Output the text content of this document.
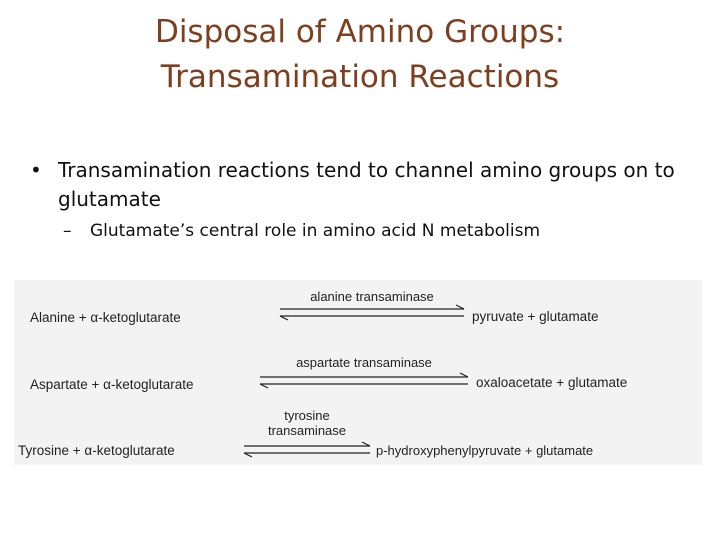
Disposal of Amino Groups:
Transamination Reactions
• Transamination reactions tend to channel amino groups on to glutamate
– Glutamate’s central role in amino acid N metabolism
Alanine + α-ketoglutarate
alanine transaminase
pyruvate + glutamate
Aspartate + α-ketoglutarate
aspartate transaminase
oxaloacetate + glutamate
Tyrosine + α-ketoglutarate
tyrosine
transaminase
p-hydroxyphenylpyruvate + glutamate
